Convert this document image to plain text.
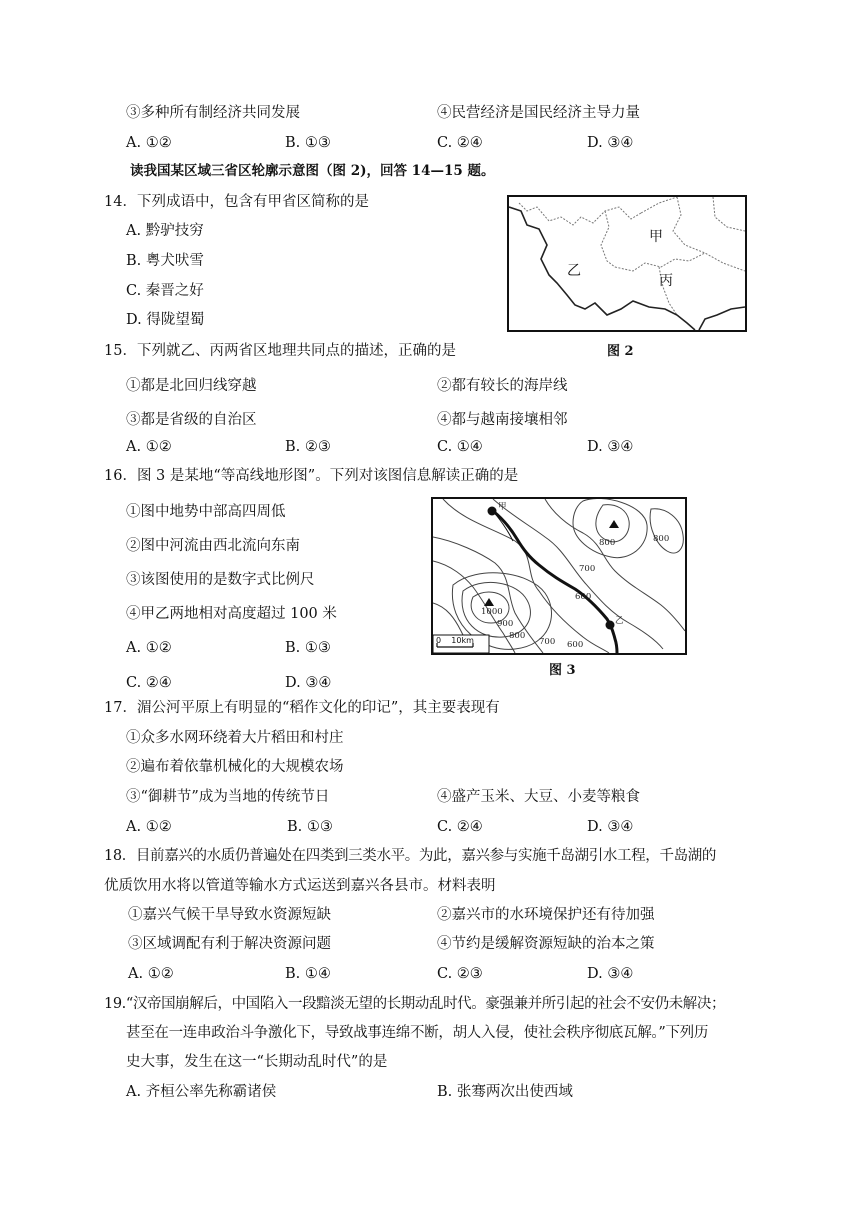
③多种所有制经济共同发展	④民营经济是国民经济主导力量
A. ①②	B. ①③	C. ②④	D. ③④
读我国某区域三省区轮廓示意图（图 2)，回答 14—15 题。
14．下列成语中，包含有甲省区简称的是
A. 黔驴技穷
B. 粤犬吠雪
C. 秦晋之好
D. 得陇望蜀
甲
乙
丙
图 2
15．下列就乙、丙两省区地理共同点的描述，正确的是
①都是北回归线穿越	②都有较长的海岸线
③都是省级的自治区	④都与越南接壤相邻
A. ①②	B. ②③	C. ①④	D. ③④
16．图 3 是某地“等高线地形图”。下列对该图信息解读正确的是
①图中地势中部高四周低
②图中河流由西北流向东南
③该图使用的是数字式比例尺
④甲乙两地相对高度超过 100 米
A. ①②	B. ①③
C. ②④	D. ③④
甲
乙
800	800
700
600
1000
900
800
700 600
0    10km
图 3
17．湄公河平原上有明显的“稻作文化的印记”，其主要表现有
①众多水网环绕着大片稻田和村庄
②遍布着依靠机械化的大规模农场
③“御耕节”成为当地的传统节日	④盛产玉米、大豆、小麦等粮食
A. ①②	B. ①③	C. ②④	D. ③④
18．目前嘉兴的水质仍普遍处在四类到三类水平。为此，嘉兴参与实施千岛湖引水工程，千岛湖的
优质饮用水将以管道等输水方式运送到嘉兴各县市。材料表明
①嘉兴气候干旱导致水资源短缺	②嘉兴市的水环境保护还有待加强
③区域调配有利于解决资源问题	④节约是缓解资源短缺的治本之策
A. ①②	B. ①④	C. ②③	D. ③④
19.“汉帝国崩解后，中国陷入一段黯淡无望的长期动乱时代。豪强兼并所引起的社会不安仍未解决；
甚至在一连串政治斗争激化下，导致战事连绵不断，胡人入侵，使社会秩序彻底瓦解。”下列历
史大事，发生在这一“长期动乱时代”的是
A. 齐桓公率先称霸诸侯	B. 张骞两次出使西域
